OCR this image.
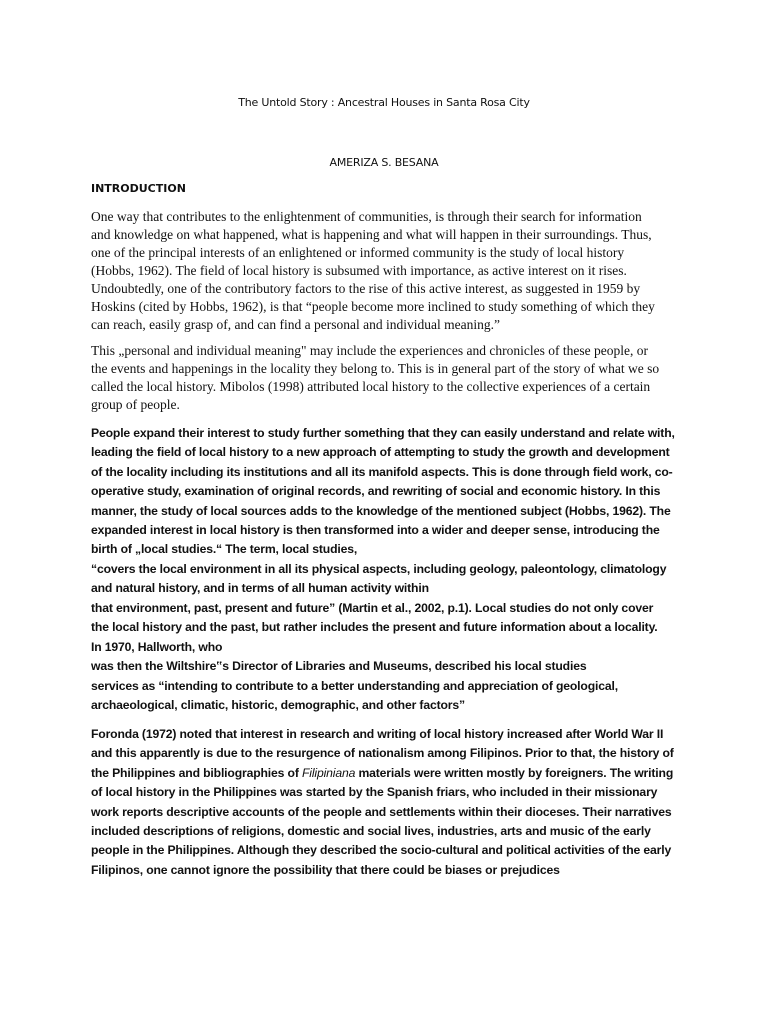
The Untold Story : Ancestral Houses in Santa Rosa City
AMERIZA S. BESANA
INTRODUCTION

One way that contributes to the enlightenment of communities, is through their search for information
and knowledge on what happened, what is happening and what will happen in their surroundings. Thus,
one of the principal interests of an enlightened or informed community is the study of local history
(Hobbs, 1962). The field of local history is subsumed with importance, as active interest on it rises.
Undoubtedly, one of the contributory factors to the rise of this active interest, as suggested in 1959 by
Hoskins (cited by Hobbs, 1962), is that “people become more inclined to study something of which they
can reach, easily grasp of, and can find a personal and individual meaning.”

This „personal and individual meaning" may include the experiences and chronicles of these people, or
the events and happenings in the locality they belong to. This is in general part of the story of what we so
called the local history. Mibolos (1998) attributed local history to the collective experiences of a certain
group of people.

People expand their interest to study further something that they can easily understand and relate with,
leading the field of local history to a new approach of attempting to study the growth and development
of the locality including its institutions and all its manifold aspects. This is done through field work, co-
operative study, examination of original records, and rewriting of social and economic history. In this
manner, the study of local sources adds to the knowledge of the mentioned subject (Hobbs, 1962). The
expanded interest in local history is then transformed into a wider and deeper sense, introducing the
birth of „local studies.“ The term, local studies,
“covers the local environment in all its physical aspects, including geology, paleontology, climatology
and natural history, and in terms of all human activity within
that environment, past, present and future” (Martin et al., 2002, p.1). Local studies do not only cover
the local history and the past, but rather includes the present and future information about a locality.

In 1970, Hallworth, who
was then the Wiltshire‟s Director of Libraries and Museums, described his local studies
services as “intending to contribute to a better understanding and appreciation of geological,
archaeological, climatic, historic, demographic, and other factors”

Foronda (1972) noted that interest in research and writing of local history increased after World War II
and this apparently is due to the resurgence of nationalism among Filipinos. Prior to that, the history of
the Philippines and bibliographies of Filipiniana materials were written mostly by foreigners. The writing
of local history in the Philippines was started by the Spanish friars, who included in their missionary
work reports descriptive accounts of the people and settlements within their dioceses. Their narratives
included descriptions of religions, domestic and social lives, industries, arts and music of the early
people in the Philippines. Although they described the socio-cultural and political activities of the early
Filipinos, one cannot ignore the possibility that there could be biases or prejudices
